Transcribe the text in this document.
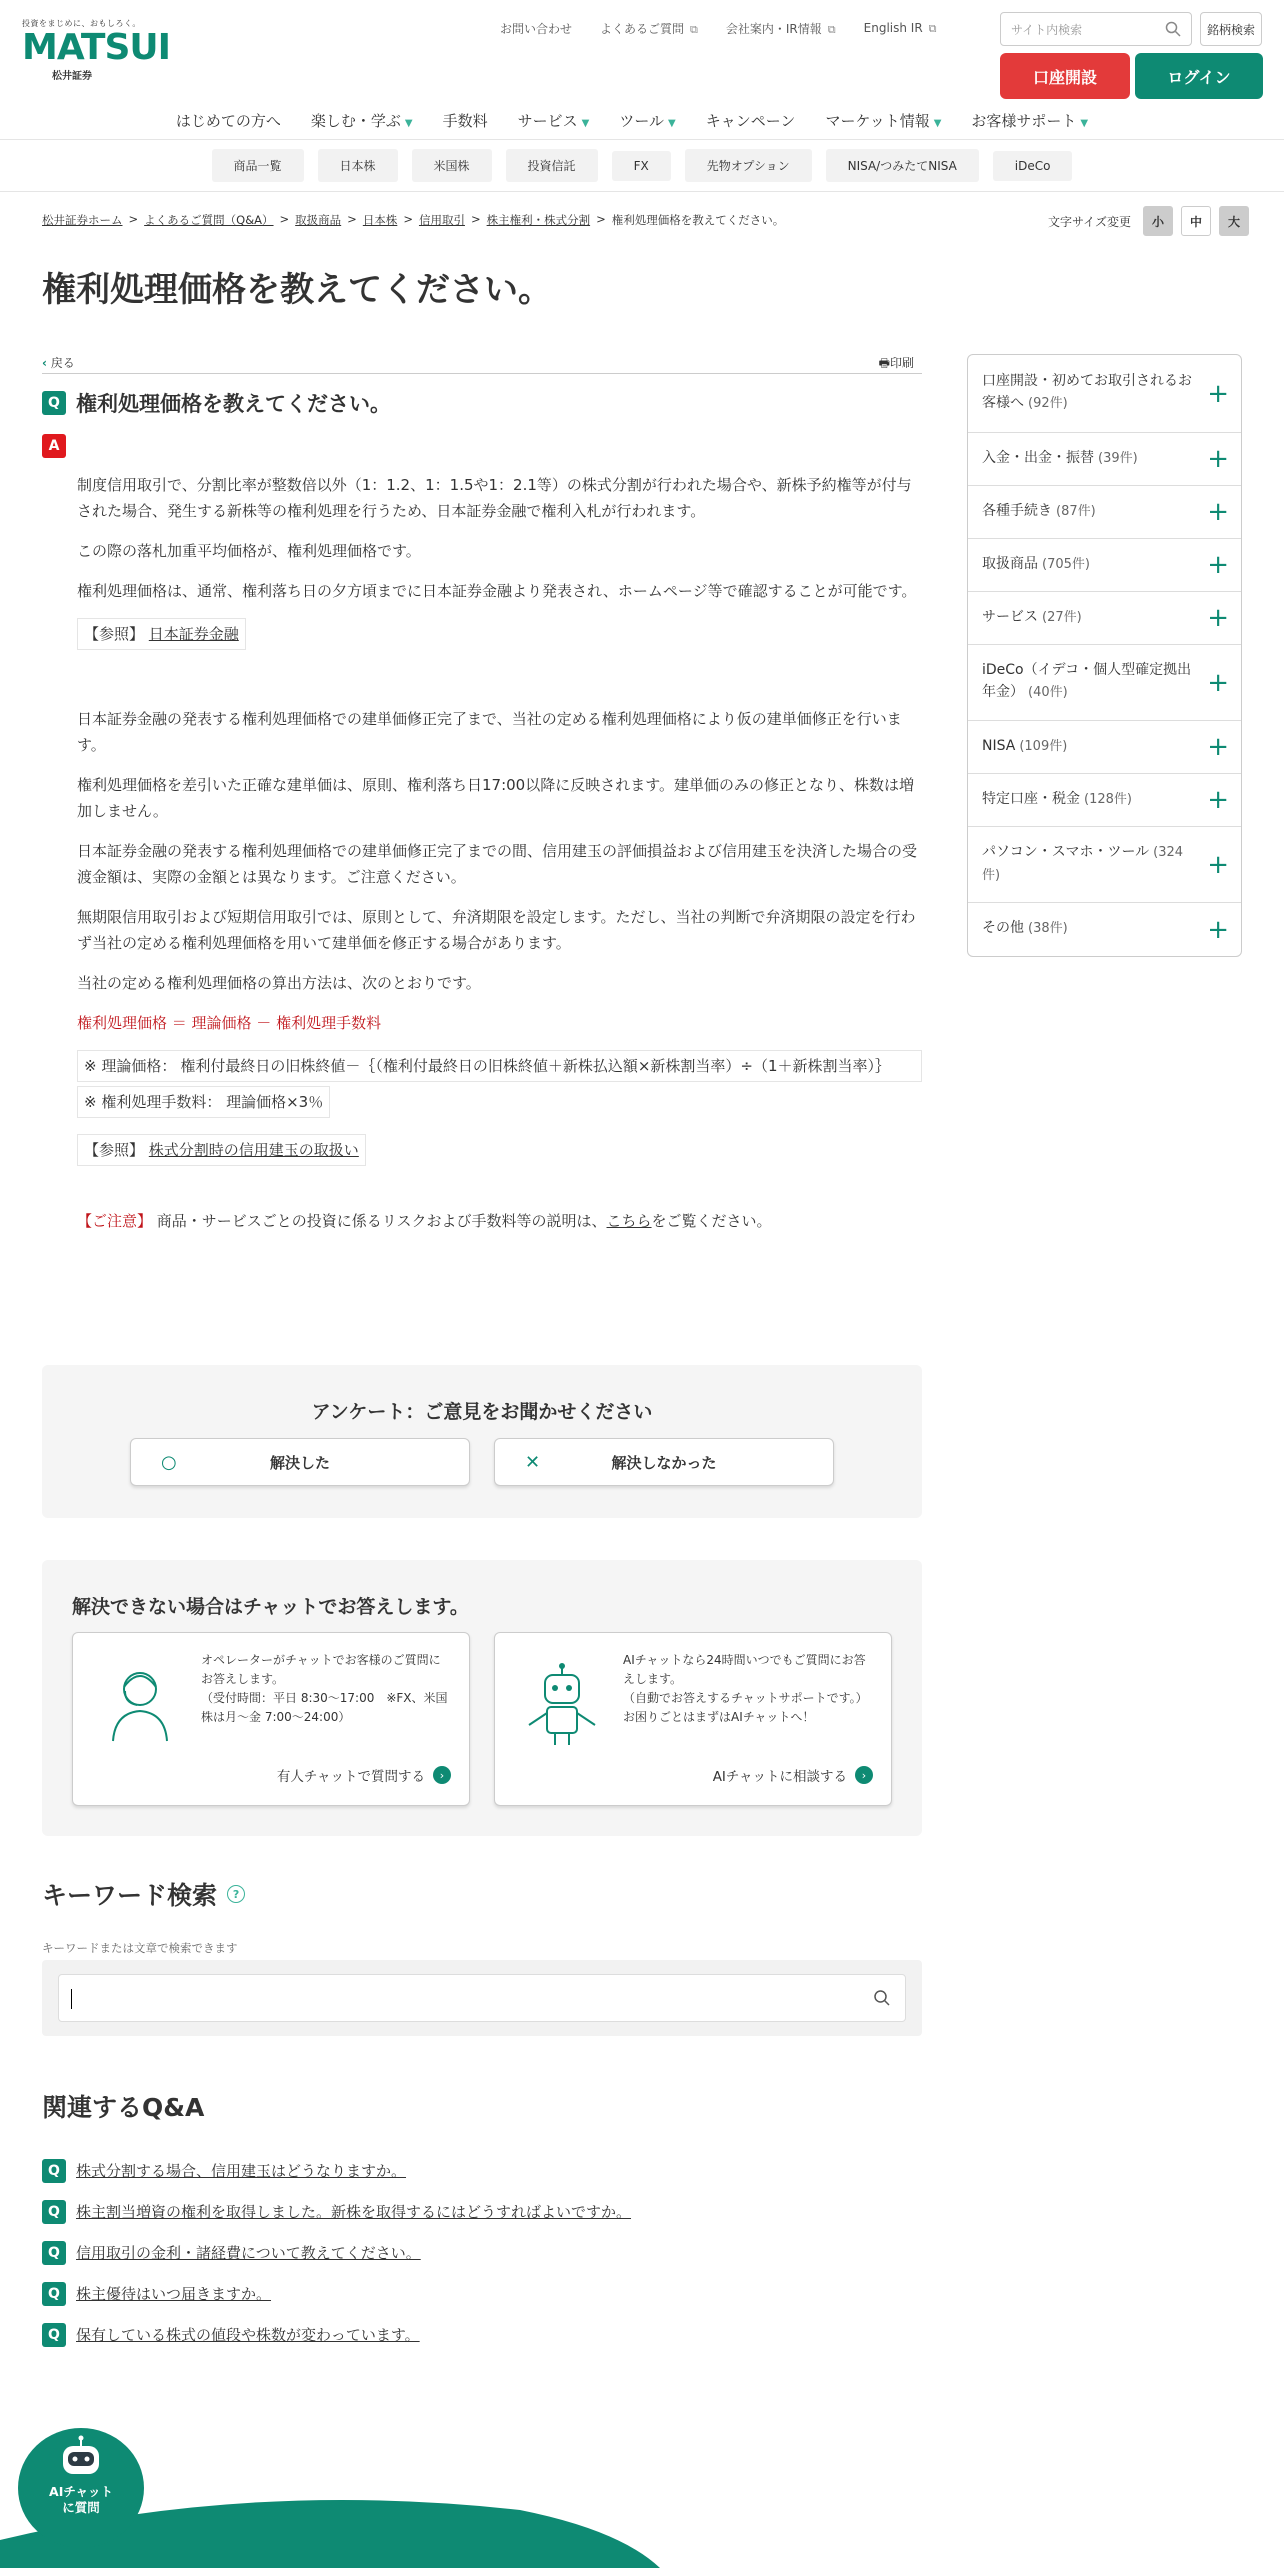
投資をまじめに、おもしろく。
MATSUI
松井証券
お問い合わせ よくあるご質問 ⧉	会社案内・IR情報 ⧉	English IR ⧉	サイト内検索	銘柄検索
口座開設	ログイン
はじめての方へ 楽しむ・学ぶ ▼ 手数料 サービス ▼ ツール ▼ キャンペーン マーケット情報 ▼ お客様サポート ▼
商品一覧	日本株	米国株	投資信託	FX	先物オプション	NISA/つみたてNISA	iDeCo
松井証券ホーム > よくあるご質問（Q&A） > 取扱商品 > 日本株 > 信用取引 > 株主権利・株式分割 > 権利処理価格を教えてください。	文字サイズ変更	小	中	大
権利処理価格を教えてください。
‹ 戻る	🖶印刷
Q 権利処理価格を教えてください。
A

制度信用取引で、分割比率が整数倍以外（1：1.2、1：1.5や1：2.1等）の株式分割が行われた場合や、新株予約権等が付与された場合、発生する新株等の権利処理を行うため、日本証券金融で権利入札が行われます。

この際の落札加重平均価格が、権利処理価格です。

権利処理価格は、通常、権利落ち日の夕方頃までに日本証券金融より発表され、ホームページ等で確認することが可能です。

【参照】 日本証券金融

日本証券金融の発表する権利処理価格での建単価修正完了まで、当社の定める権利処理価格により仮の建単価修正を行います。

権利処理価格を差引いた正確な建単価は、原則、権利落ち日17:00以降に反映されます。建単価のみの修正となり、株数は増加しません。

日本証券金融の発表する権利処理価格での建単価修正完了までの間、信用建玉の評価損益および信用建玉を決済した場合の受渡金額は、実際の金額とは異なります。ご注意ください。

無期限信用取引および短期信用取引では、原則として、弁済期限を設定します。ただし、当社の判断で弁済期限の設定を行わず当社の定める権利処理価格を用いて建単価を修正する場合があります。

当社の定める権利処理価格の算出方法は、次のとおりです。

権利処理価格 ＝ 理論価格 － 権利処理手数料

※ 理論価格： 権利付最終日の旧株終値－｛（権利付最終日の旧株終値＋新株払込額×新株割当率）÷（1＋新株割当率）｝
※ 権利処理手数料： 理論価格×3％
【参照】 株式分割時の信用建玉の取扱い
【ご注意】 商品・サービスごとの投資に係るリスクおよび手数料等の説明は、こちらをご覧ください。
アンケート：ご意見をお聞かせください
○	解決した	✕	解決しなかった
解決できない場合はチャットでお答えします。
オペレーターがチャットでお客様のご質問にお答えします。
（受付時間：平日 8:30～17:00　※FX、米国株は月～金 7:00～24:00）
有人チャットで質問する	›
AIチャットなら24時間いつでもご質問にお答えします。
（自動でお答えするチャットサポートです。）
お困りごとはまずはAIチャットへ！
AIチャットに相談する	›
キーワード検索	?
キーワードまたは文章で検索できます
関連するQ&A
Q	株式分割する場合、信用建玉はどうなりますか。
Q	株主割当増資の権利を取得しました。新株を取得するにはどうすればよいですか。
Q	信用取引の金利・諸経費について教えてください。
Q	株主優待はいつ届きますか。
Q	保有している株式の値段や株数が変わっています。
口座開設・初めてお取引されるお客様へ (92件)	+
入金・出金・振替 (39件)	+
各種手続き (87件)	+
取扱商品 (705件)	+
サービス (27件)	+
iDeCo（イデコ・個人型確定拠出年金） (40件)	+
NISA (109件)	+
特定口座・税金 (128件)	+
パソコン・スマホ・ツール (324件)	+
その他 (38件)	+
AIチャット
に質問
